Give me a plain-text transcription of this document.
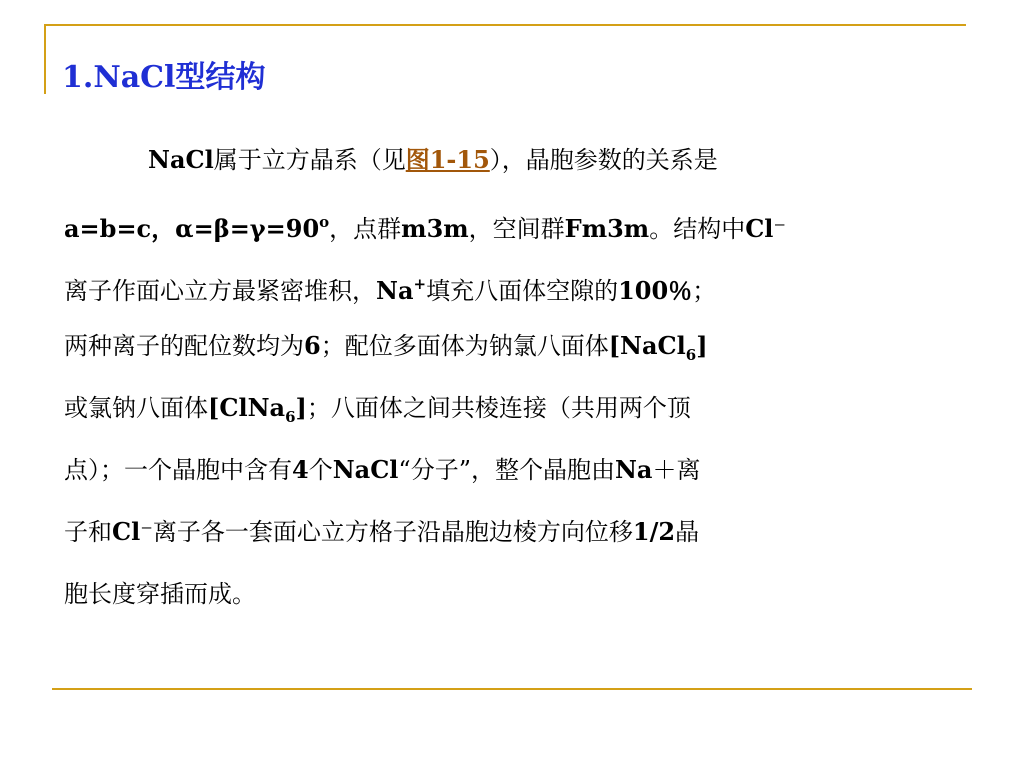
1.NaCl型结构
NaCl属于立方晶系（见图1-15），晶胞参数的关系是
a=b=c，$\alpha=\beta=\gamma=90^o$，点群m3m，空间群Fm3m。结构中Cl⁻
离子作面心立方最紧密堆积，Na+填充八面体空隙的100％；
两种离子的配位数均为6；配位多面体为钠氯八面体[NaCl$_6$]
或氯钠八面体[ClNa$_6$]；八面体之间共棱连接（共用两个顶
点）；一个晶胞中含有4个NaCl“分子”，整个晶胞由Na＋离
子和Cl⁻离子各一套面心立方格子沿晶胞边棱方向位移1/2晶
胞长度穿插而成。
